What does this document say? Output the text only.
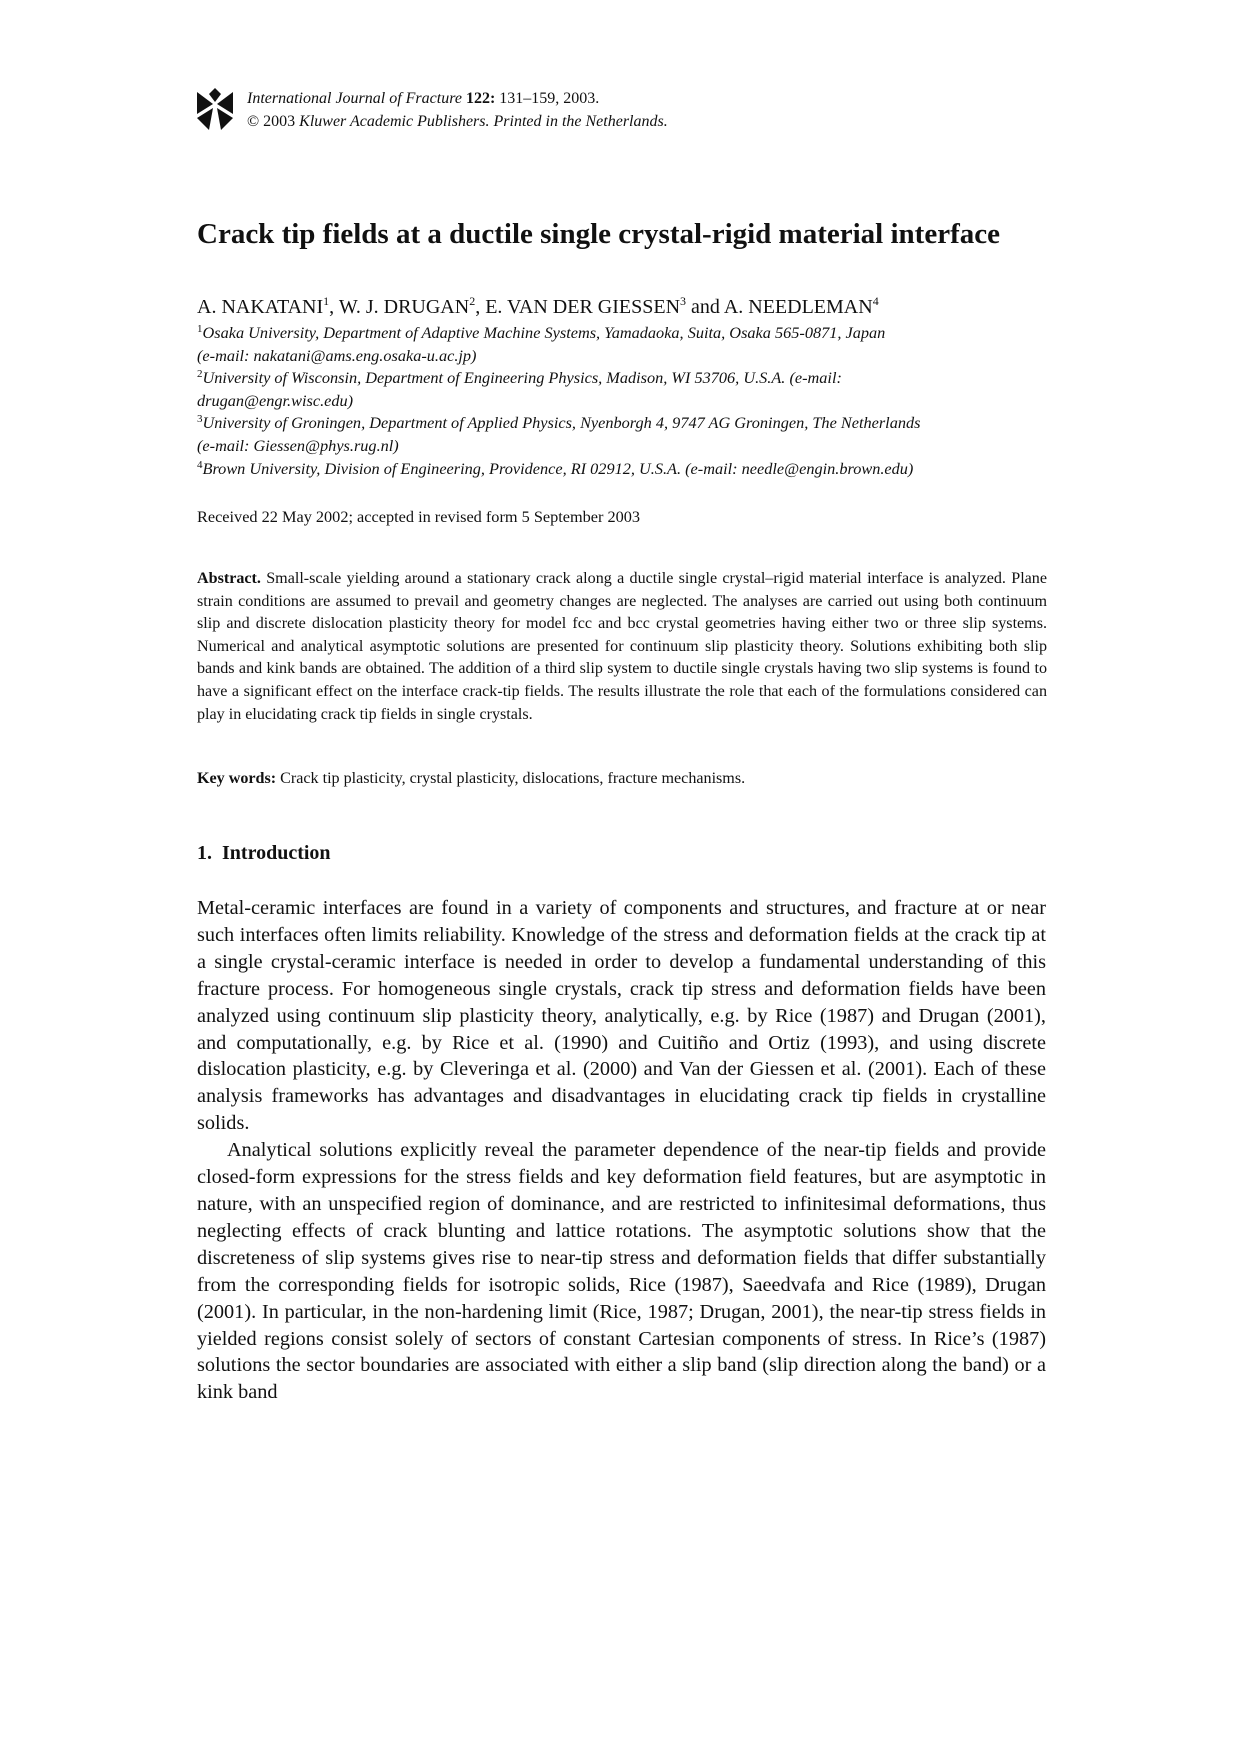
International Journal of Fracture 122: 131–159, 2003.
© 2003 Kluwer Academic Publishers. Printed in the Netherlands.
Crack tip fields at a ductile single crystal-rigid material interface
A. NAKATANI$^1$, W. J. DRUGAN$^2$, E. VAN DER GIESSEN$^3$ and A. NEEDLEMAN$^4$
$^1$Osaka University, Department of Adaptive Machine Systems, Yamadaoka, Suita, Osaka 565-0871, Japan
(e-mail: nakatani@ams.eng.osaka-u.ac.jp)
$^2$University of Wisconsin, Department of Engineering Physics, Madison, WI 53706, U.S.A. (e-mail:
drugan@engr.wisc.edu)
$^3$University of Groningen, Department of Applied Physics, Nyenborgh 4, 9747 AG Groningen, The Netherlands
(e-mail: Giessen@phys.rug.nl)
$^4$Brown University, Division of Engineering, Providence, RI 02912, U.S.A. (e-mail: needle@engin.brown.edu)
Received 22 May 2002; accepted in revised form 5 September 2003

Abstract. Small-scale yielding around a stationary crack along a ductile single crystal–rigid material interface is analyzed. Plane strain conditions are assumed to prevail and geometry changes are neglected. The analyses are carried out using both continuum slip and discrete dislocation plasticity theory for model fcc and bcc crystal geometries having either two or three slip systems. Numerical and analytical asymptotic solutions are presented for continuum slip plasticity theory. Solutions exhibiting both slip bands and kink bands are obtained. The addition of a third slip system to ductile single crystals having two slip systems is found to have a significant effect on the interface crack-tip fields. The results illustrate the role that each of the formulations considered can play in elucidating crack tip fields in single crystals.

Key words: Crack tip plasticity, crystal plasticity, dislocations, fracture mechanisms.
1. Introduction

Metal-ceramic interfaces are found in a variety of components and structures, and fracture at or near such interfaces often limits reliability. Knowledge of the stress and deformation fields at the crack tip at a single crystal-ceramic interface is needed in order to develop a fundamental understanding of this fracture process. For homogeneous single crystals, crack tip stress and deformation fields have been analyzed using continuum slip plasticity theory, analytically, e.g. by Rice (1987) and Drugan (2001), and computationally, e.g. by Rice et al. (1990) and Cuitiño and Ortiz (1993), and using discrete dislocation plasticity, e.g. by Cleveringa et al. (2000) and Van der Giessen et al. (2001). Each of these analysis frameworks has advantages and disadvantages in elucidating crack tip fields in crystalline solids.

Analytical solutions explicitly reveal the parameter dependence of the near-tip fields and provide closed-form expressions for the stress fields and key deformation field features, but are asymptotic in nature, with an unspecified region of dominance, and are restricted to infinitesimal deformations, thus neglecting effects of crack blunting and lattice rotations. The asymptotic solutions show that the discreteness of slip systems gives rise to near-tip stress and deformation fields that differ substantially from the corresponding fields for isotropic solids, Rice (1987), Saeedvafa and Rice (1989), Drugan (2001). In particular, in the non-hardening limit (Rice, 1987; Drugan, 2001), the near-tip stress fields in yielded regions consist solely of sectors of constant Cartesian components of stress. In Rice’s (1987) solutions the sector boundaries are associated with either a slip band (slip direction along the band) or a kink band
